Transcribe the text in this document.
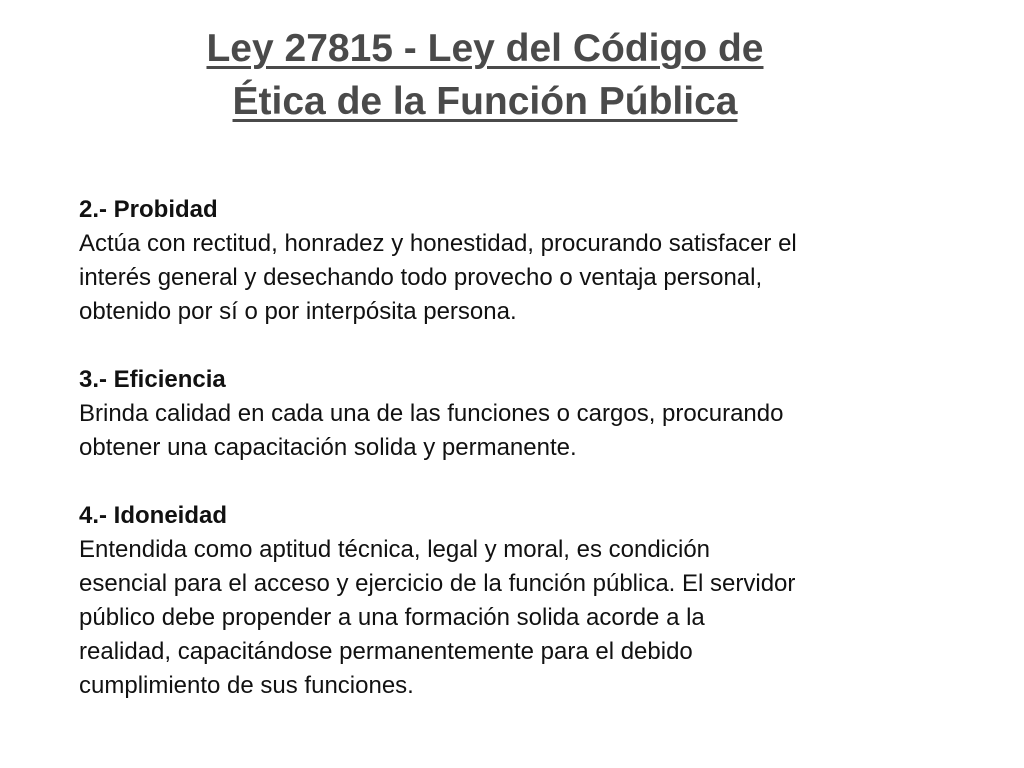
Ley 27815 - Ley del Código de
Ética de la Función Pública

2.- Probidad

Actúa con rectitud, honradez y honestidad, procurando satisfacer el
interés general y desechando todo provecho o ventaja personal,
obtenido por sí o por interpósita persona.

3.- Eficiencia

Brinda calidad en cada una de las funciones o cargos, procurando
obtener una capacitación solida y permanente.

4.- Idoneidad

Entendida como aptitud técnica, legal y moral, es condición
esencial para el acceso y ejercicio de la función pública. El servidor
público debe propender a una formación solida acorde a la
realidad, capacitándose permanentemente para el debido
cumplimiento de sus funciones.
